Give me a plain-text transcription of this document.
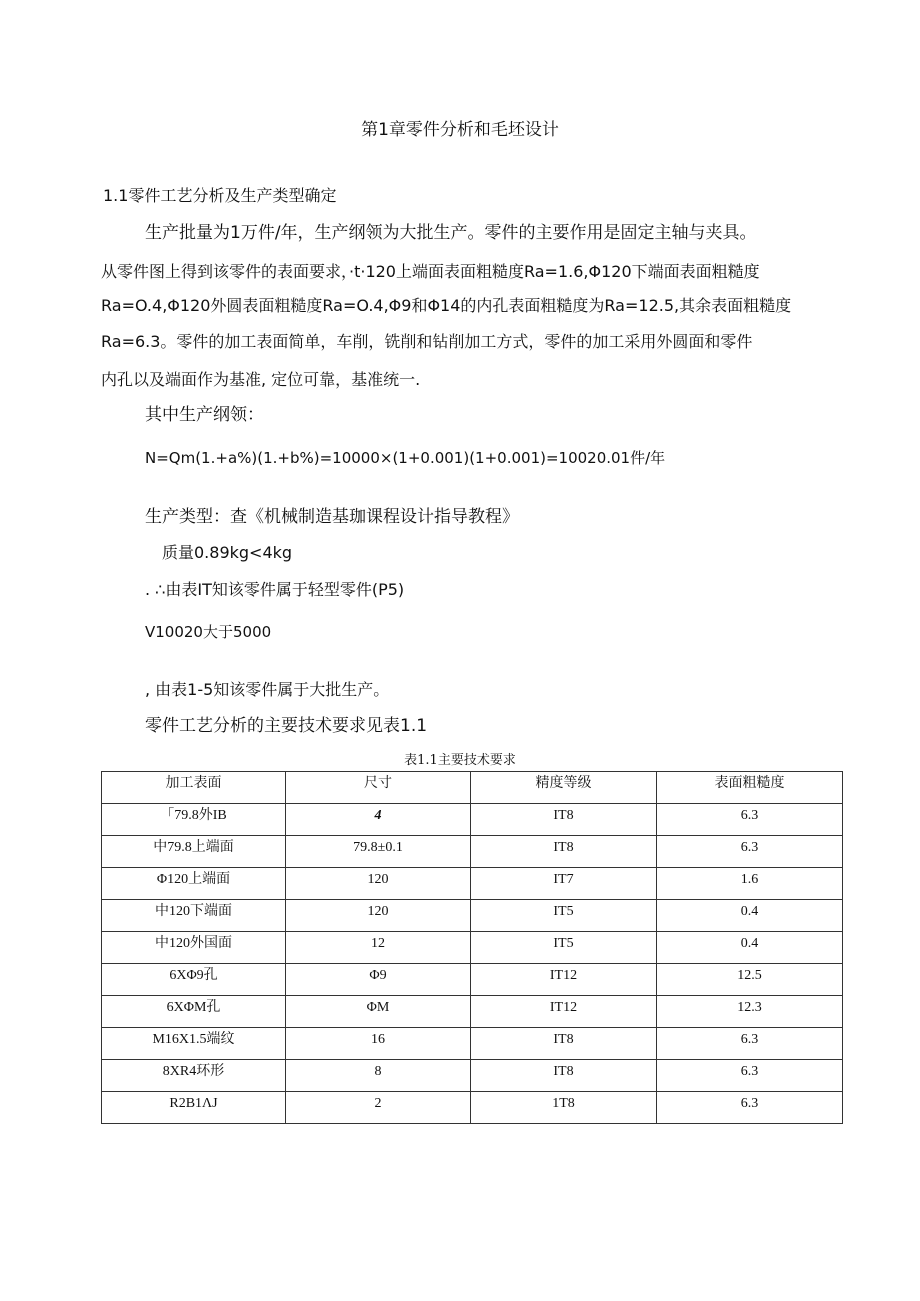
第1章零件分析和毛坯设计
1.1零件工艺分析及生产类型确定
生产批量为1万件/年，生产纲领为大批生产。零件的主要作用是固定主轴与夹具。
从零件图上得到该零件的表面要求，·t·120上端面表面粗糙度Ra=1.6,Φ120下端面表面粗糙度
Ra=O.4,Φ120外圆表面粗糙度Ra=O.4,Φ9和Φ14的内孔表面粗糙度为Ra=12.5,其余表面粗糙度
Ra=6.3。零件的加工表面简单，车削，铣削和钻削加工方式，零件的加工采用外圆面和零件
内孔以及端面作为基准, 定位可靠，基准统一.
其中生产纲领：
N=Qm(1.+a%)(1.+b%)=10000×(1+0.001)(1+0.001)=10020.01件/年
生产类型：查《机械制造基珈课程设计指导教程》
质量0.89kg<4kg
. ∴由表IT知该零件属于轻型零件(P5)
V10020大于5000
, 由表1-5知该零件属于大批生产。
零件工艺分析的主要技术要求见表1.1
表1.1主要技术要求
加工表面	尺寸	精度等级	表面粗糙度
「79.8外IB	4	IT8	6.3
中79.8上端面	79.8±0.1	IT8	6.3
Φ120上端面	120	IT7	1.6
中120下端面	120	IT5	0.4
中120外国面	12	IT5	0.4
6XΦ9孔	Φ9	IT12	12.5
6XΦM孔	ΦM	IT12	12.3
M16X1.5端纹	16	IT8	6.3
8XR4环形	8	IT8	6.3
R2B1ΛJ	2	1T8	6.3
